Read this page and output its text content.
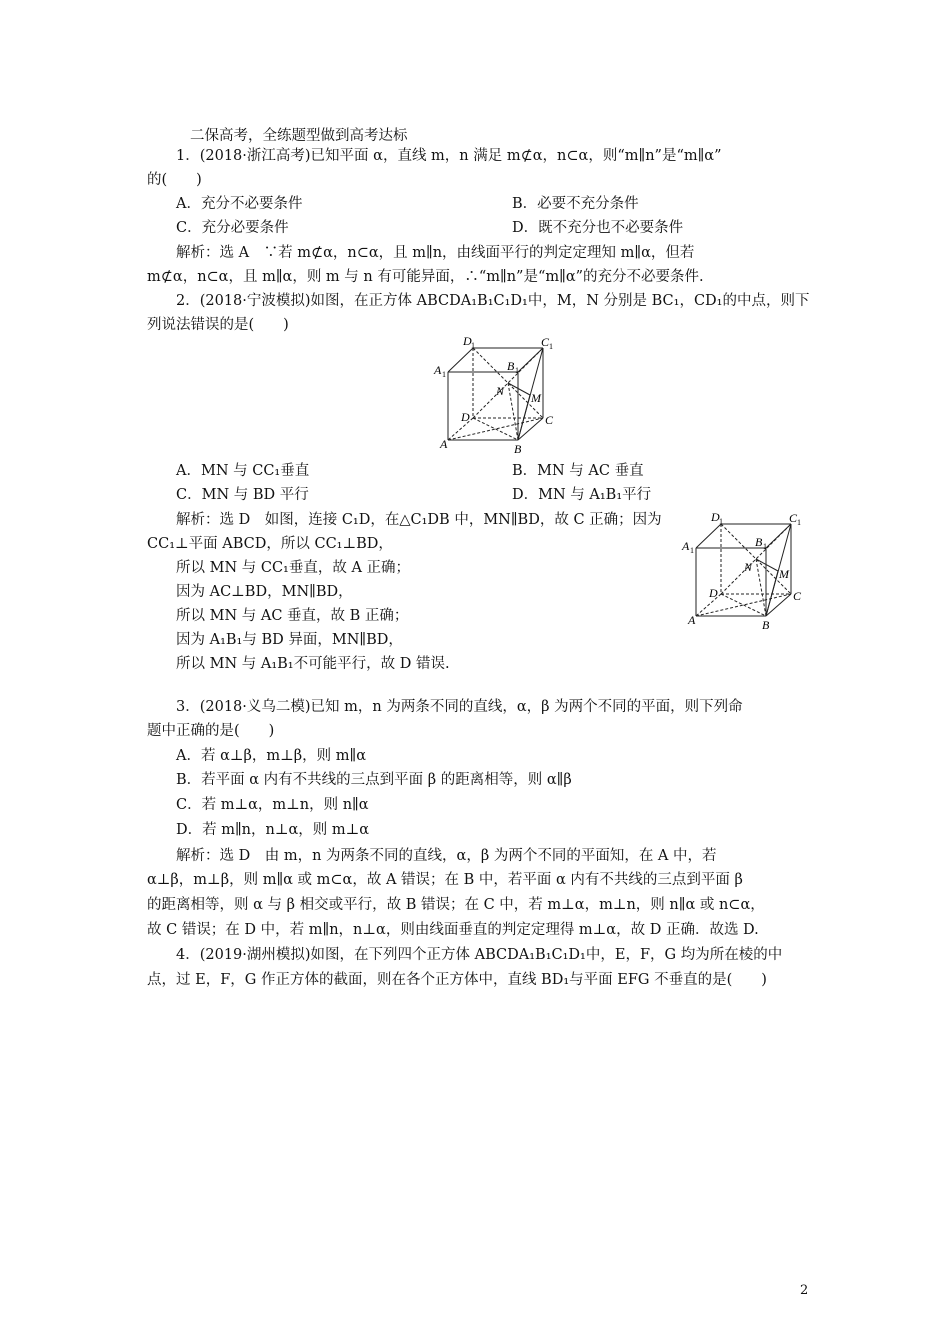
二保高考，全练题型做到高考达标
1．(2018·浙江高考)已知平面 α，直线 m，n 满足 m⊄α，n⊂α，则“m∥n”是“m∥α”
的(　　)
A．充分不必要条件	B．必要不充分条件
C．充分必要条件	D．既不充分也不必要条件
解析：选 A　∵若 m⊄α，n⊂α，且 m∥n，由线面平行的判定定理知 m∥α，但若
m⊄α，n⊂α，且 m∥α，则 m 与 n 有可能异面，∴“m∥n”是“m∥α”的充分不必要条件.
2．(2018·宁波模拟)如图，在正方体 ABCDA₁B₁C₁D₁中，M，N 分别是 BC₁，CD₁的中点，则下
列说法错误的是(　　)
D 1	C 1
B 1
A 1
N M
D	C
A	B
A．MN 与 CC₁垂直	B．MN 与 AC 垂直
C．MN 与 BD 平行	D．MN 与 A₁B₁平行
解析：选 D　如图，连接 C₁D，在△C₁DB 中，MN∥BD，故 C 正确；因为
CC₁⊥平面 ABCD，所以 CC₁⊥BD，
所以 MN 与 CC₁垂直，故 A 正确；
因为 AC⊥BD，MN∥BD，
所以 MN 与 AC 垂直，故 B 正确；
因为 A₁B₁与 BD 异面，MN∥BD，
所以 MN 与 A₁B₁不可能平行，故 D 错误.
D 1	C 1
B 1
A 1
N M
D	C
A	B
3．(2018·义乌二模)已知 m，n 为两条不同的直线，α，β 为两个不同的平面，则下列命
题中正确的是(　　)
A．若 α⊥β，m⊥β，则 m∥α
B．若平面 α 内有不共线的三点到平面 β 的距离相等，则 α∥β
C．若 m⊥α，m⊥n，则 n∥α
D．若 m∥n，n⊥α，则 m⊥α
解析：选 D　由 m，n 为两条不同的直线，α，β 为两个不同的平面知，在 A 中，若
α⊥β，m⊥β，则 m∥α 或 m⊂α，故 A 错误；在 B 中，若平面 α 内有不共线的三点到平面 β
的距离相等，则 α 与 β 相交或平行，故 B 错误；在 C 中，若 m⊥α，m⊥n，则 n∥α 或 n⊂α，
故 C 错误；在 D 中，若 m∥n，n⊥α，则由线面垂直的判定定理得 m⊥α，故 D 正确．故选 D.
4．(2019·湖州模拟)如图，在下列四个正方体 ABCDA₁B₁C₁D₁中，E，F，G 均为所在棱的中
点，过 E，F，G 作正方体的截面，则在各个正方体中，直线 BD₁与平面 EFG 不垂直的是(　　)
2
